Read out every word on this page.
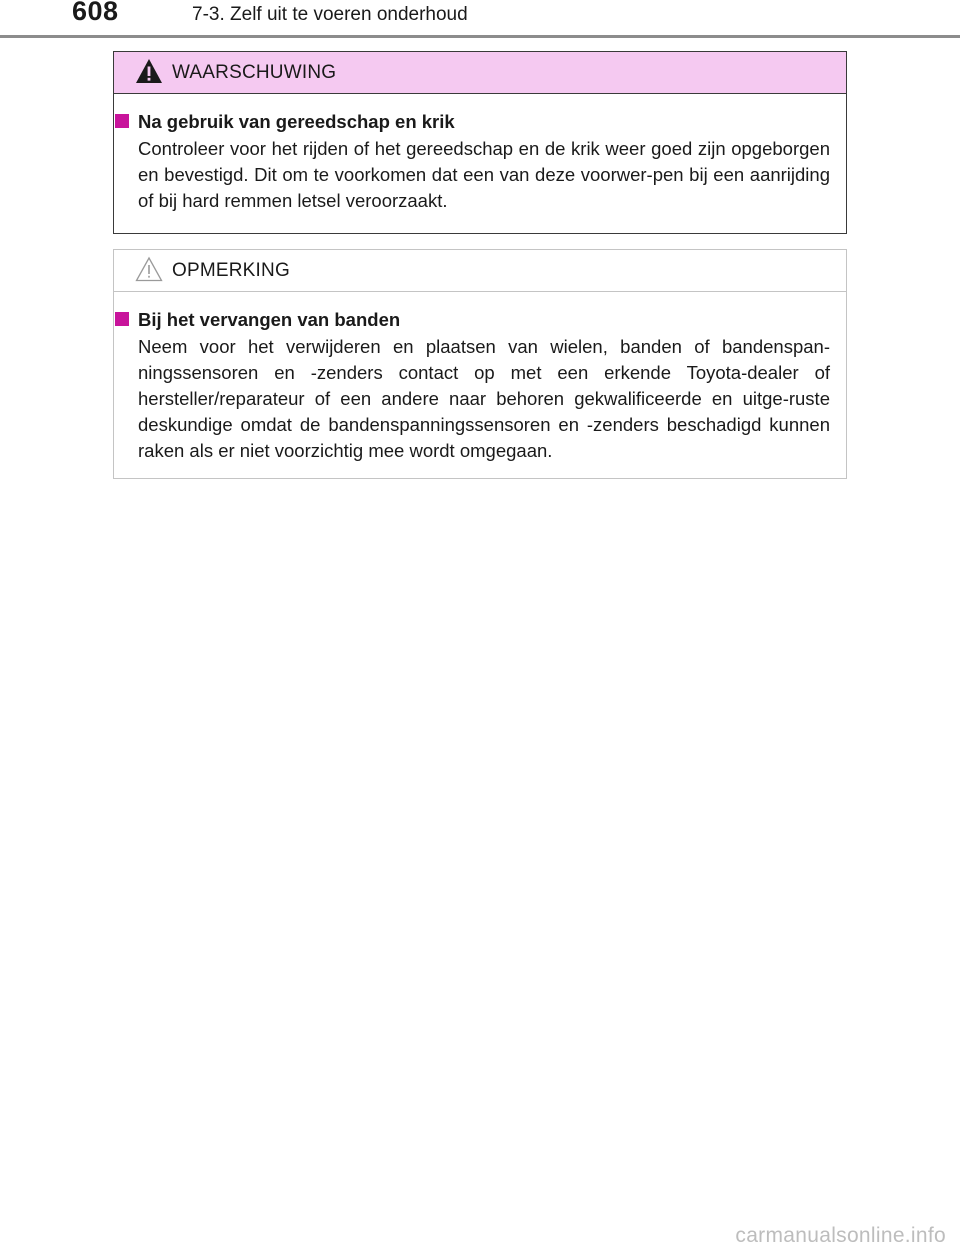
608	7-3. Zelf uit te voeren onderhoud
WAARSCHUWING
Na gebruik van gereedschap en krik
Controleer voor het rijden of het gereedschap en de krik weer goed zijn opgeborgen en bevestigd. Dit om te voorkomen dat een van deze voorwer-pen bij een aanrijding of bij hard remmen letsel veroorzaakt.
OPMERKING
Bij het vervangen van banden
Neem voor het verwijderen en plaatsen van wielen, banden of bandenspan-ningssensoren en -zenders contact op met een erkende Toyota-dealer of hersteller/reparateur of een andere naar behoren gekwalificeerde en uitge-ruste deskundige omdat de bandenspanningssensoren en -zenders beschadigd kunnen raken als er niet voorzichtig mee wordt omgegaan.
carmanualsonline.info
